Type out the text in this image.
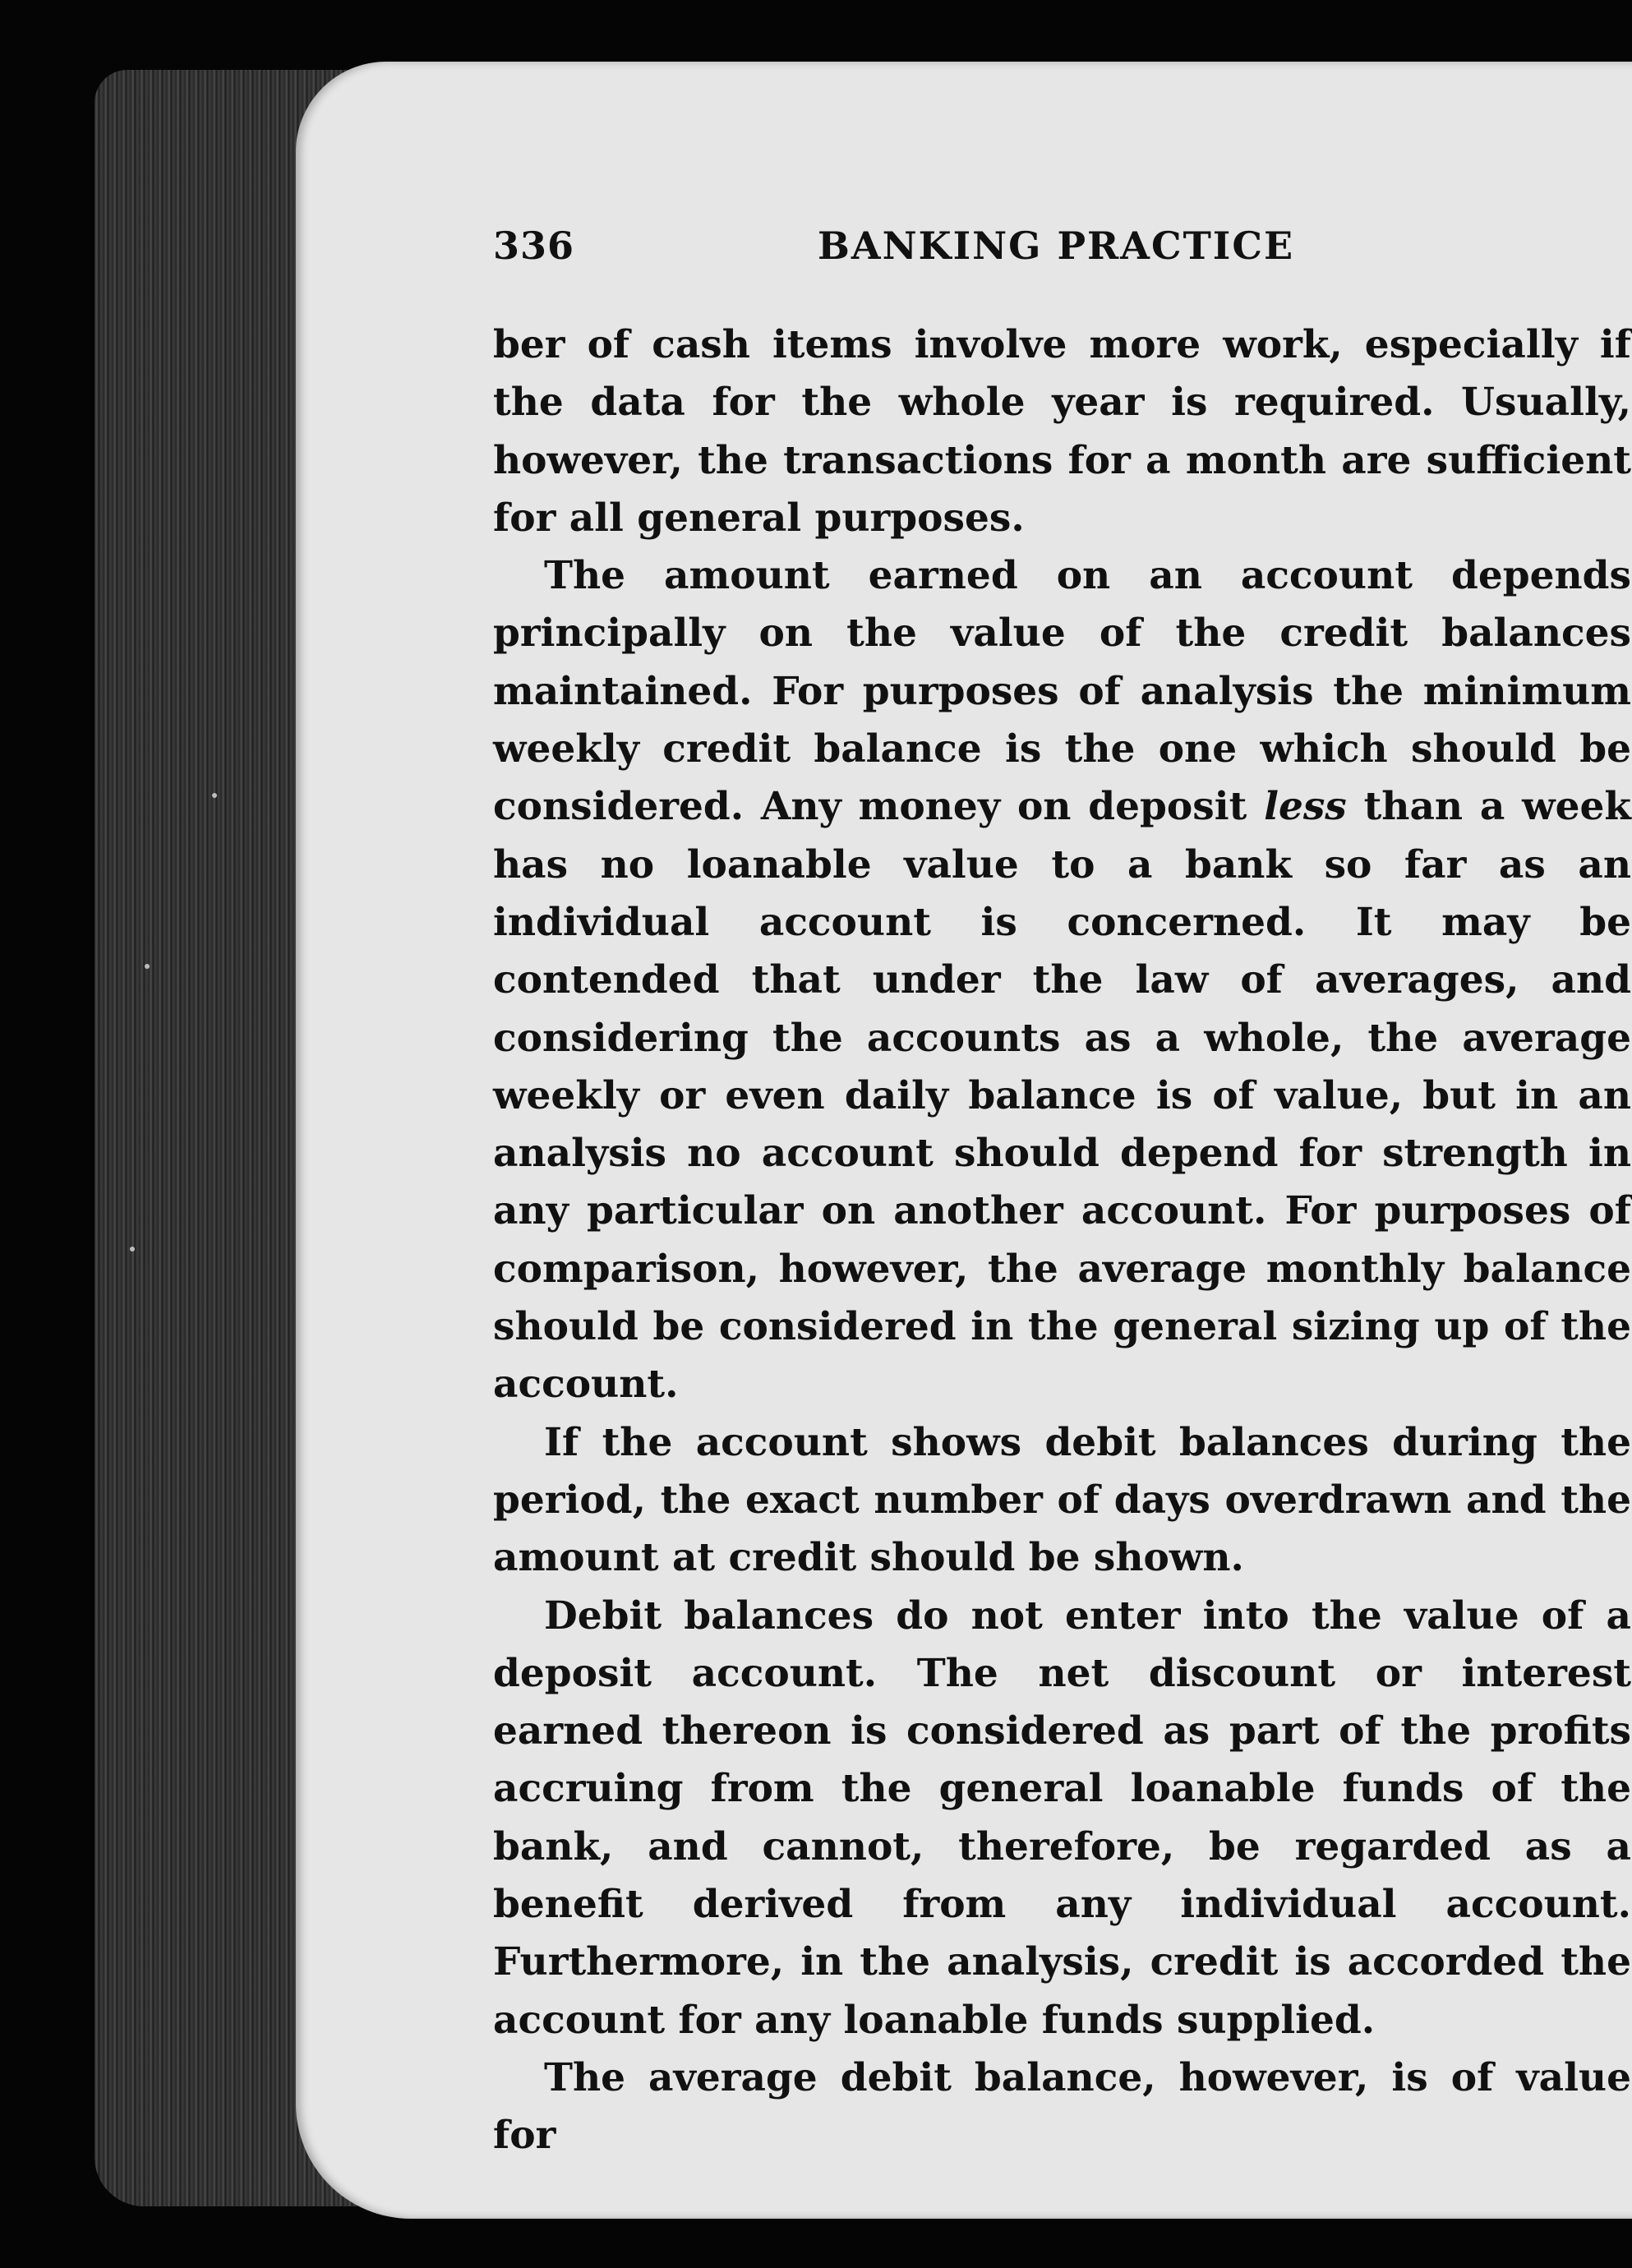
336	BANKING PRACTICE

ber of cash items involve more work, especially if the data for the whole year is required. Usually, however, the transactions for a month are sufficient for all general purposes.

The amount earned on an account depends principally on the value of the credit balances maintained. For purposes of analysis the minimum weekly credit balance is the one which should be considered. Any money on deposit less than a week has no loanable value to a bank so far as an individual account is concerned. It may be contended that under the law of averages, and considering the accounts as a whole, the average weekly or even daily balance is of value, but in an analysis no account should depend for strength in any particular on another account. For purposes of comparison, however, the average monthly balance should be considered in the general sizing up of the account.

If the account shows debit balances during the period, the exact number of days overdrawn and the amount at credit should be shown.

Debit balances do not enter into the value of a deposit account. The net discount or interest earned thereon is considered as part of the profits accruing from the general loanable funds of the bank, and cannot, therefore, be regarded as a benefit derived from any individual account. Furthermore, in the analysis, credit is accorded the account for any loanable funds supplied.

The average debit balance, however, is of value for
